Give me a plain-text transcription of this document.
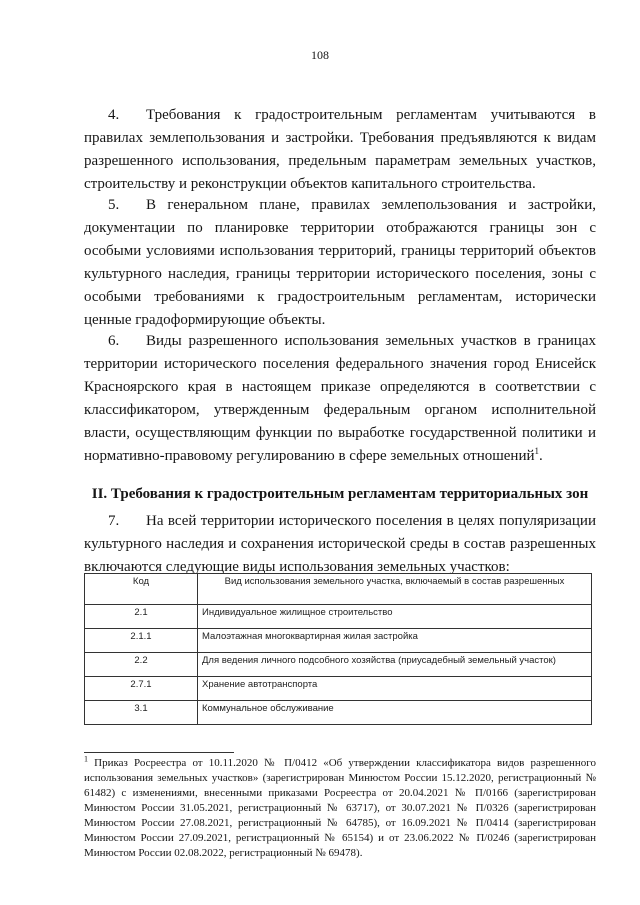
108

4. Требования к градостроительным регламентам учитываются в правилах землепользования и застройки. Требования предъявляются к видам разрешенного использования, предельным параметрам земельных участков, строительству и реконструкции объектов капитального строительства.

5. В генеральном плане, правилах землепользования и застройки, документации по планировке территории отображаются границы зон с особыми условиями использования территорий, границы территорий объектов культурного наследия, границы территории исторического поселения, зоны с особыми требованиями к градостроительным регламентам, исторически ценные градоформирующие объекты.

6. Виды разрешенного использования земельных участков в границах территории исторического поселения федерального значения город Енисейск Красноярского края в настоящем приказе определяются в соответствии с классификатором, утвержденным федеральным органом исполнительной власти, осуществляющим функции по выработке государственной политики и нормативно-правовому регулированию в сфере земельных отношений$^1$.

II. Требования к градостроительным регламентам территориальных зон

7. На всей территории исторического поселения в целях популяризации культурного наследия и сохранения исторической среды в состав разрешенных включаются следующие виды использования земельных участков:

Код	Вид использования земельного участка, включаемый в состав разрешенных
2.1	Индивидуальное жилищное строительство
2.1.1	Малоэтажная многоквартирная жилая застройка
2.2	Для ведения личного подсобного хозяйства (приусадебный земельный участок)
2.7.1	Хранение автотранспорта
3.1	Коммунальное обслуживание

$^1$ Приказ Росреестра от 10.11.2020 № П/0412 «Об утверждении классификатора видов разрешенного использования земельных участков» (зарегистрирован Минюстом России 15.12.2020, регистрационный № 61482) с изменениями, внесенными приказами Росреестра от 20.04.2021 № П/0166 (зарегистрирован Минюстом России 31.05.2021, регистрационный № 63717), от 30.07.2021 № П/0326 (зарегистрирован Минюстом России 27.08.2021, регистрационный № 64785), от 16.09.2021 № П/0414 (зарегистрирован Минюстом России 27.09.2021, регистрационный № 65154) и от 23.06.2022 № П/0246 (зарегистрирован Минюстом России 02.08.2022, регистрационный № 69478).
